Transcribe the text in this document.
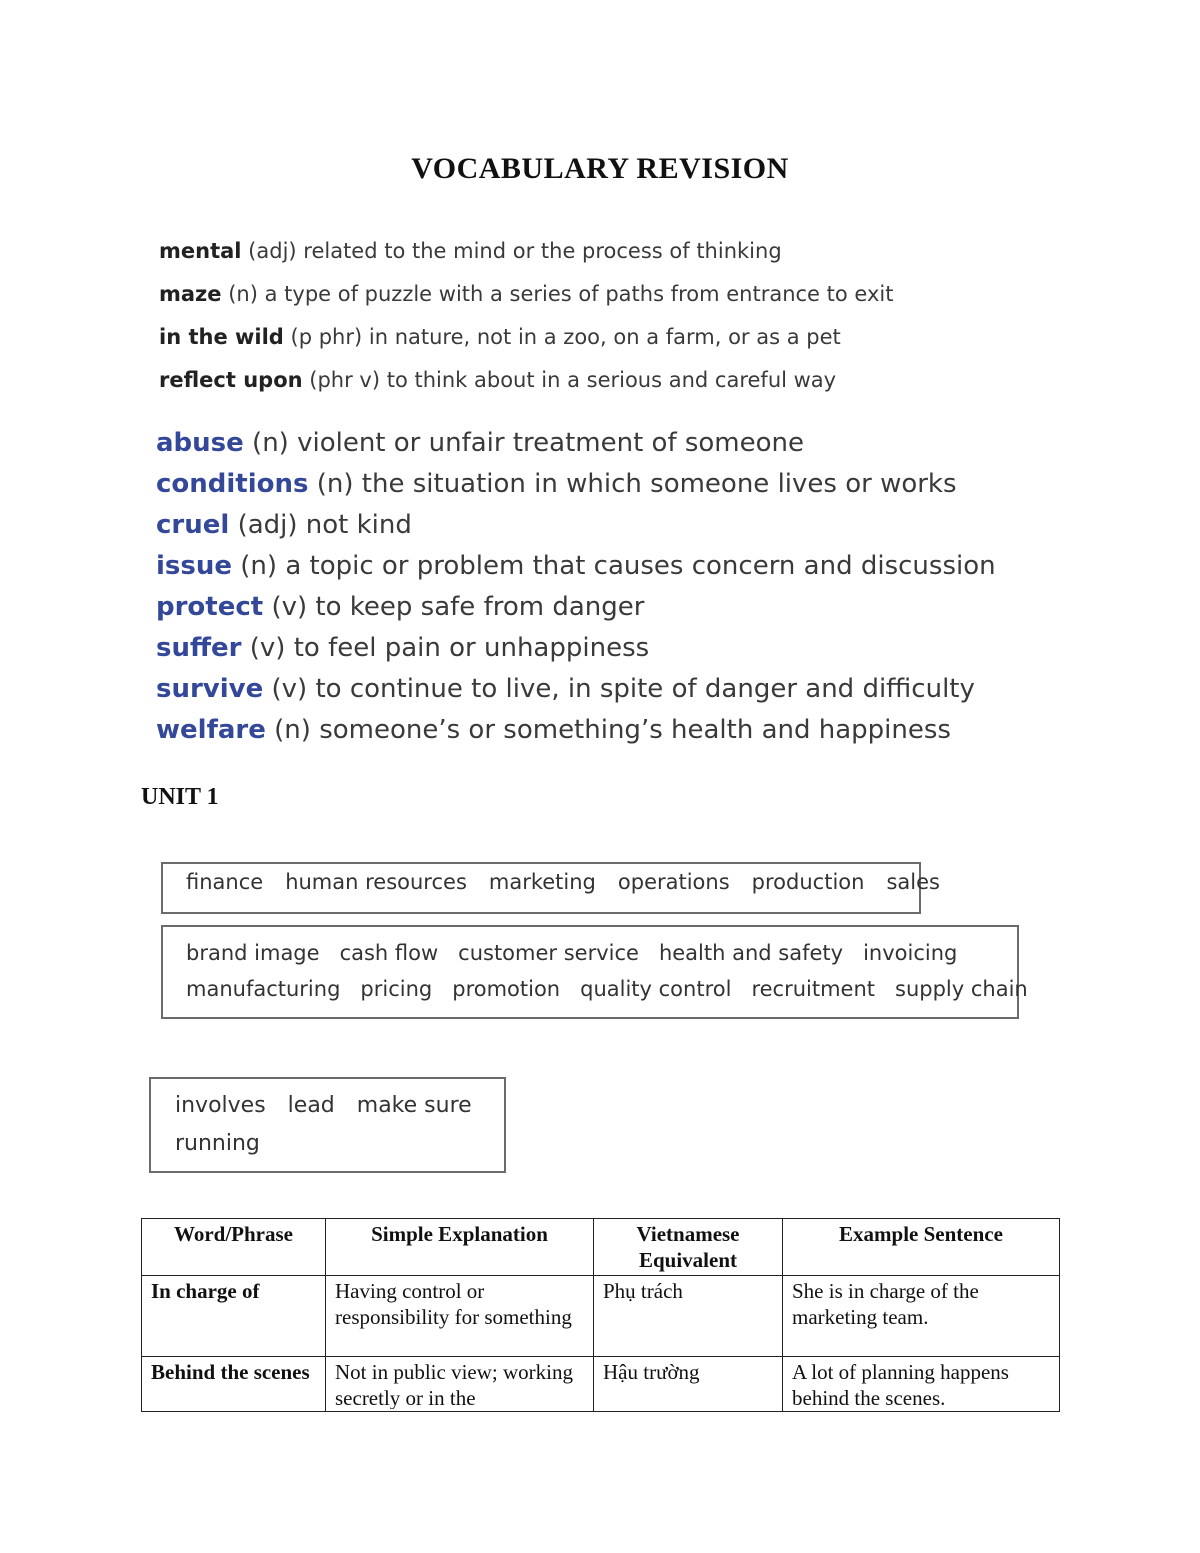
VOCABULARY REVISION
mental (adj) related to the mind or the process of thinking
maze (n) a type of puzzle with a series of paths from entrance to exit
in the wild (p phr) in nature, not in a zoo, on a farm, or as a pet
reflect upon (phr v) to think about in a serious and careful way
abuse (n) violent or unfair treatment of someone
conditions (n) the situation in which someone lives or works
cruel (adj) not kind
issue (n) a topic or problem that causes concern and discussion
protect (v) to keep safe from danger
suffer (v) to feel pain or unhappiness
survive (v) to continue to live, in spite of danger and difficulty
welfare (n) someone’s or something’s health and happiness
UNIT 1
finance human resources marketing operations production sales
brand image cash flow customer service health and safety invoicing
manufacturing pricing promotion quality control recruitment supply chain
involves lead make sure
running
Word/Phrase	Simple Explanation	Vietnamese Equivalent	Example Sentence
In charge of	Having control or responsibility for something	Phụ trách	She is in charge of the marketing team.

Behind the scenes	Not in public view; working secretly or in the	Hậu trường	A lot of planning happens behind the scenes.
